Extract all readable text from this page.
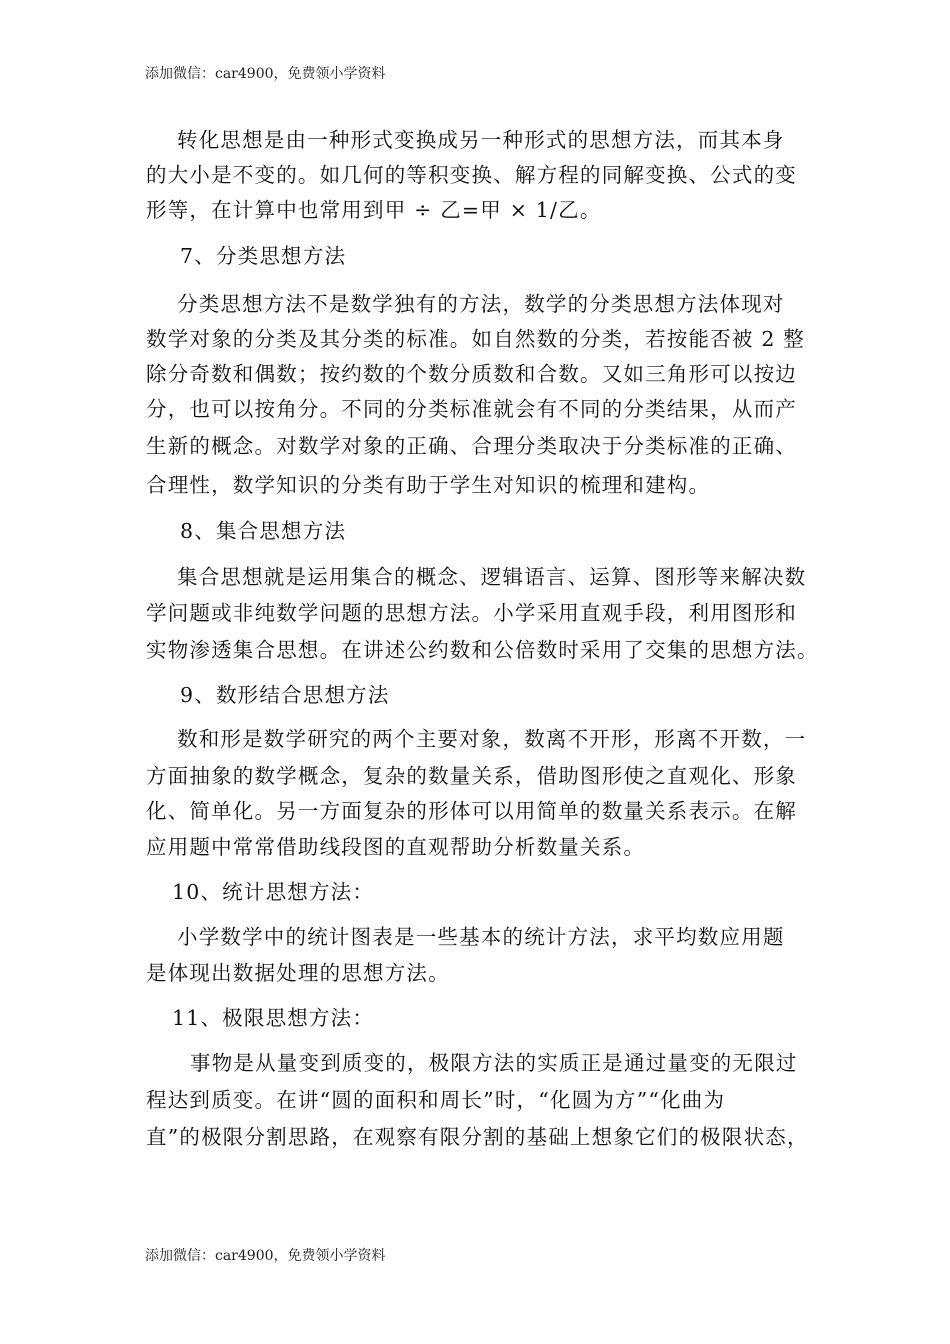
添加微信：car4900，免费领小学资料
转化思想是由一种形式变换成另一种形式的思想方法，而其本身
的大小是不变的。如几何的等积变换、解方程的同解变换、公式的变
形等，在计算中也常用到甲 ÷ 乙=甲 × 1/乙。
7、分类思想方法
分类思想方法不是数学独有的方法，数学的分类思想方法体现对
数学对象的分类及其分类的标准。如自然数的分类，若按能否被 2 整
除分奇数和偶数；按约数的个数分质数和合数。又如三角形可以按边
分，也可以按角分。不同的分类标准就会有不同的分类结果，从而产
生新的概念。对数学对象的正确、合理分类取决于分类标准的正确、
合理性，数学知识的分类有助于学生对知识的梳理和建构。
8、集合思想方法
集合思想就是运用集合的概念、逻辑语言、运算、图形等来解决数
学问题或非纯数学问题的思想方法。小学采用直观手段，利用图形和
实物渗透集合思想。在讲述公约数和公倍数时采用了交集的思想方法。
9、数形结合思想方法
数和形是数学研究的两个主要对象，数离不开形，形离不开数，一
方面抽象的数学概念，复杂的数量关系，借助图形使之直观化、形象
化、简单化。另一方面复杂的形体可以用简单的数量关系表示。在解
应用题中常常借助线段图的直观帮助分析数量关系。
10、统计思想方法：
小学数学中的统计图表是一些基本的统计方法，求平均数应用题
是体现出数据处理的思想方法。
11、极限思想方法：
事物是从量变到质变的，极限方法的实质正是通过量变的无限过
程达到质变。在讲“圆的面积和周长”时，“化圆为方”“化曲为
直”的极限分割思路，在观察有限分割的基础上想象它们的极限状态，
添加微信：car4900，免费领小学资料
